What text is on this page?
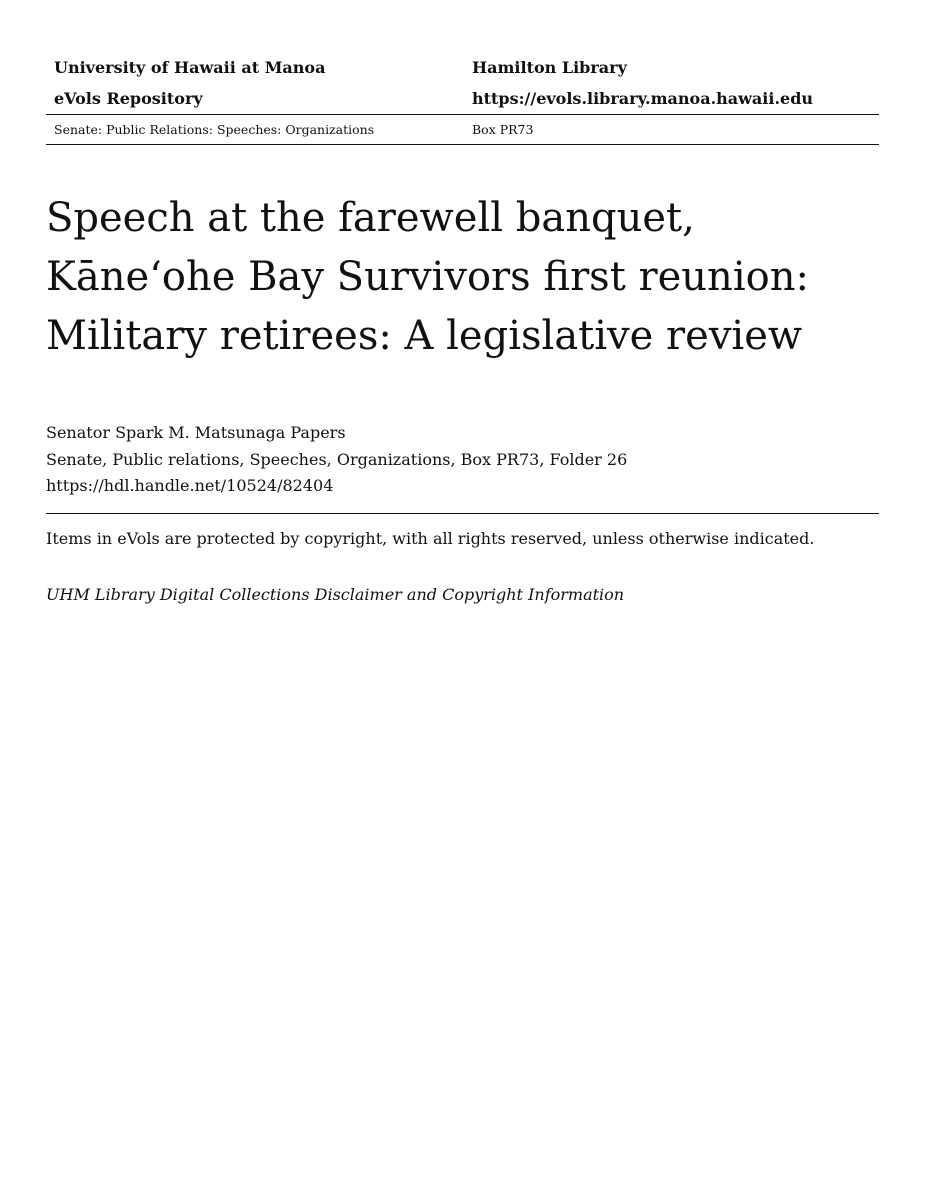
University of Hawaii at Manoa	Hamilton Library
eVols Repository	https://evols.library.manoa.hawaii.edu
Senate: Public Relations: Speeches: Organizations	Box PR73
Speech at the farewell banquet,
Kāneʻohe Bay Survivors first reunion:
Military retirees: A legislative review
Senator Spark M. Matsunaga Papers
Senate, Public relations, Speeches, Organizations, Box PR73, Folder 26
https://hdl.handle.net/10524/82404
Items in eVols are protected by copyright, with all rights reserved, unless otherwise indicated.
UHM Library Digital Collections Disclaimer and Copyright Information
